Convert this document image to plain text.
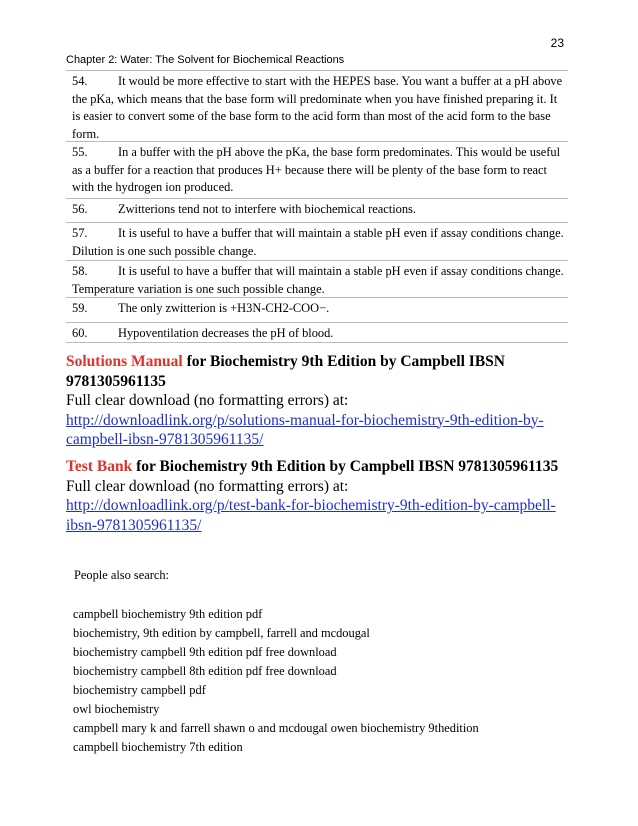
23
Chapter 2: Water: The Solvent for Biochemical Reactions
54. It would be more effective to start with the HEPES base. You want a buffer at a pH above the pKa, which means that the base form will predominate when you have finished preparing it. It is easier to convert some of the base form to the acid form than most of the acid form to the base form.
55. In a buffer with the pH above the pKa, the base form predominates. This would be useful as a buffer for a reaction that produces H+ because there will be plenty of the base form to react with the hydrogen ion produced.
56. Zwitterions tend not to interfere with biochemical reactions.
57. It is useful to have a buffer that will maintain a stable pH even if assay conditions change. Dilution is one such possible change.
58. It is useful to have a buffer that will maintain a stable pH even if assay conditions change. Temperature variation is one such possible change.
59. The only zwitterion is +H3N-CH2-COO−.
60. Hypoventilation decreases the pH of blood.
Solutions Manual for Biochemistry 9th Edition by Campbell IBSN 9781305961135
Full clear download (no formatting errors) at:
http://downloadlink.org/p/solutions-manual-for-biochemistry-9th-edition-by-campbell-ibsn-9781305961135/
Test Bank for Biochemistry 9th Edition by Campbell IBSN 9781305961135
Full clear download (no formatting errors) at:
http://downloadlink.org/p/test-bank-for-biochemistry-9th-edition-by-campbell-ibsn-9781305961135/
People also search:
campbell biochemistry 9th edition pdf
biochemistry, 9th edition by campbell, farrell and mcdougal
biochemistry campbell 9th edition pdf free download
biochemistry campbell 8th edition pdf free download
biochemistry campbell pdf
owl biochemistry
campbell mary k and farrell shawn o and mcdougal owen biochemistry 9thedition
campbell biochemistry 7th edition
